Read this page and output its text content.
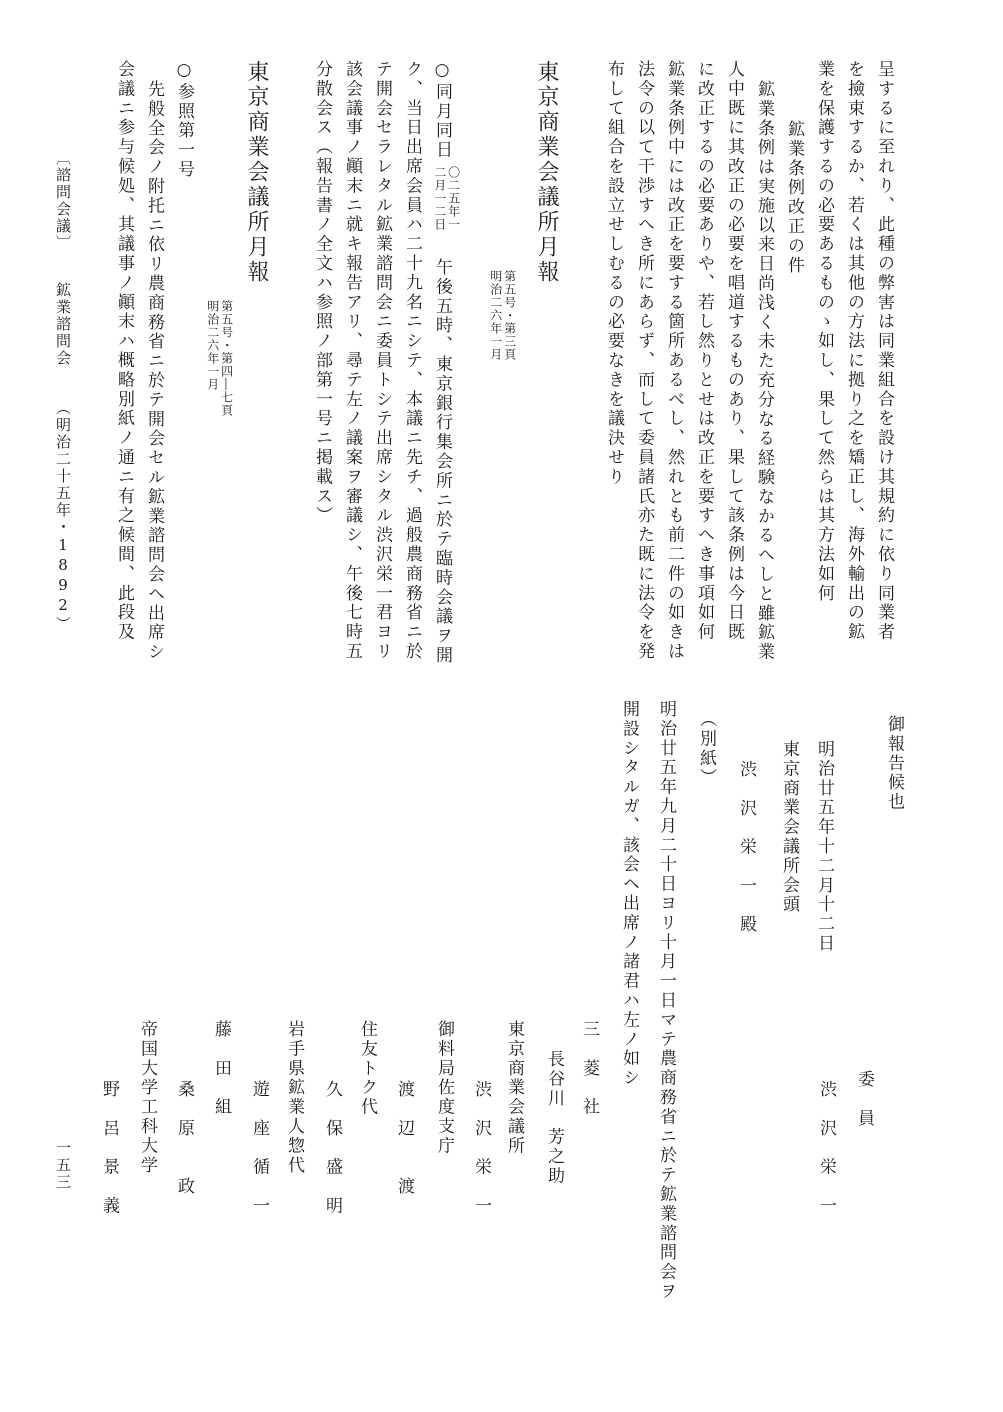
呈するに至れり、此種の弊害は同業組合を設け其規約に依り同業者
を撿束するか、若くは其他の方法に拠り之を矯正し、海外輸出の鉱
業を保護するの必要あるものゝ如し、果して然らは其方法如何
鉱業条例改正の件
鉱業条例は実施以来日尚浅く未た充分なる経験なかるへしと雖鉱業
人中既に其改正の必要を唱道するものあり、果して該条例は今日既
に改正するの必要ありや、若し然りとせは改正を要すへき事項如何
鉱業条例中には改正を要する箇所あるべし、然れとも前二件の如きは
法令の以て干渉すへき所にあらず、而して委員諸氏亦た既に法令を発
布して組合を設立せしむるの必要なきを議決せり
東京商業会議所月報
第五号・第三頁
明治二六年一月
○同月同日
〇二五年一
二月一二日
午後五時、東京銀行集会所ニ於テ臨時会議ヲ開
ク、当日出席会員ハ二十九名ニシテ、本議ニ先チ、過般農商務省ニ於
テ開会セラレタル鉱業諮問会ニ委員トシテ出席シタル渋沢栄一君ヨリ
該会議事ノ顚末ニ就キ報告アリ、尋テ左ノ議案ヲ審議シ、午後七時五
分散会ス（報告書ノ全文ハ参照ノ部第一号ニ掲載ス）
東京商業会議所月報
第五号・第四―七頁
明治二六年一月
○参照第一号
先般全会ノ附托ニ依リ農商務省ニ於テ開会セル鉱業諮問会ヘ出席シ
会議ニ参与候処、其議事ノ顚末ハ概略別紙ノ通ニ有之候間、此段及
御報告候也
委　員
渋　沢　栄　一
明治廿五年十二月十二日
東京商業会議所会頭
渋　沢　栄　一　殿
（別紙）
明治廿五年九月二十日ヨリ十月一日マテ農商務省ニ於テ鉱業諮問会ヲ
開設シタルガ、該会ヘ出席ノ諸君ハ左ノ如シ
三　菱　社
長谷川　芳之助
東京商業会議所
渋　沢　栄　一
御料局佐度支庁
渡　辺　　渡
住友トク代
久　保　盛　明
岩手県鉱業人惣代
遊　座　循　一
藤　田　組
桑　原　　政
帝国大学工科大学
野　呂　景　義
〔諮問会議〕
鉱業諮問会
（明治二十五年・1892）
一五三
